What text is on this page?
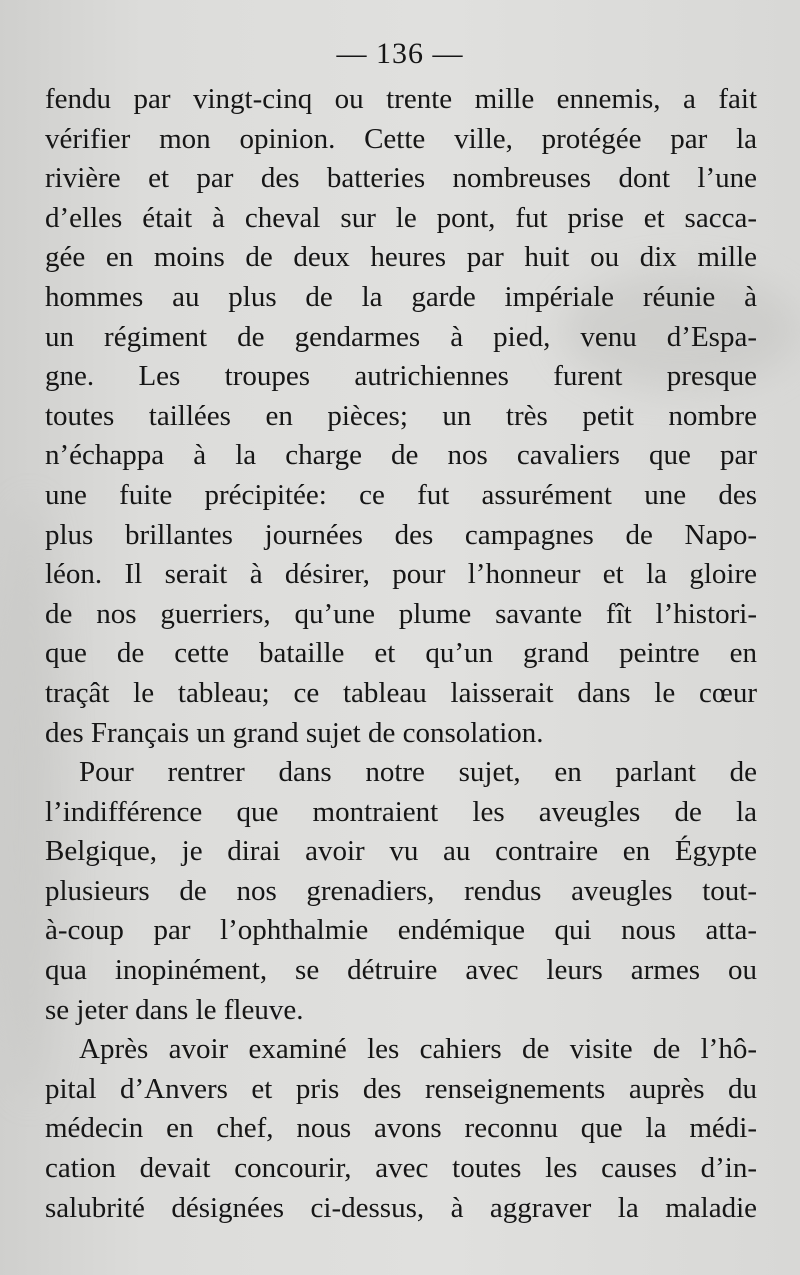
— 136 —
fendu par vingt-cinq ou trente mille ennemis, a fait
vérifier mon opinion. Cette ville, protégée par la
rivière et par des batteries nombreuses dont l’une
d’elles était à cheval sur le pont, fut prise et sacca-
gée en moins de deux heures par huit ou dix mille
hommes au plus de la garde impériale réunie à
un régiment de gendarmes à pied, venu d’Espa-
gne. Les troupes autrichiennes furent presque
toutes taillées en pièces; un très petit nombre
n’échappa à la charge de nos cavaliers que par
une fuite précipitée: ce fut assurément une des
plus brillantes journées des campagnes de Napo-
léon. Il serait à désirer, pour l’honneur et la gloire
de nos guerriers, qu’une plume savante fît l’histori-
que de cette bataille et qu’un grand peintre en
traçât le tableau; ce tableau laisserait dans le cœur
des Français un grand sujet de consolation.
Pour rentrer dans notre sujet, en parlant de
l’indifférence que montraient les aveugles de la
Belgique, je dirai avoir vu au contraire en Égypte
plusieurs de nos grenadiers, rendus aveugles tout-
à-coup par l’ophthalmie endémique qui nous atta-
qua inopinément, se détruire avec leurs armes ou
se jeter dans le fleuve.
Après avoir examiné les cahiers de visite de l’hô-
pital d’Anvers et pris des renseignements auprès du
médecin en chef, nous avons reconnu que la médi-
cation devait concourir, avec toutes les causes d’in-
salubrité désignées ci-dessus, à aggraver la maladie
